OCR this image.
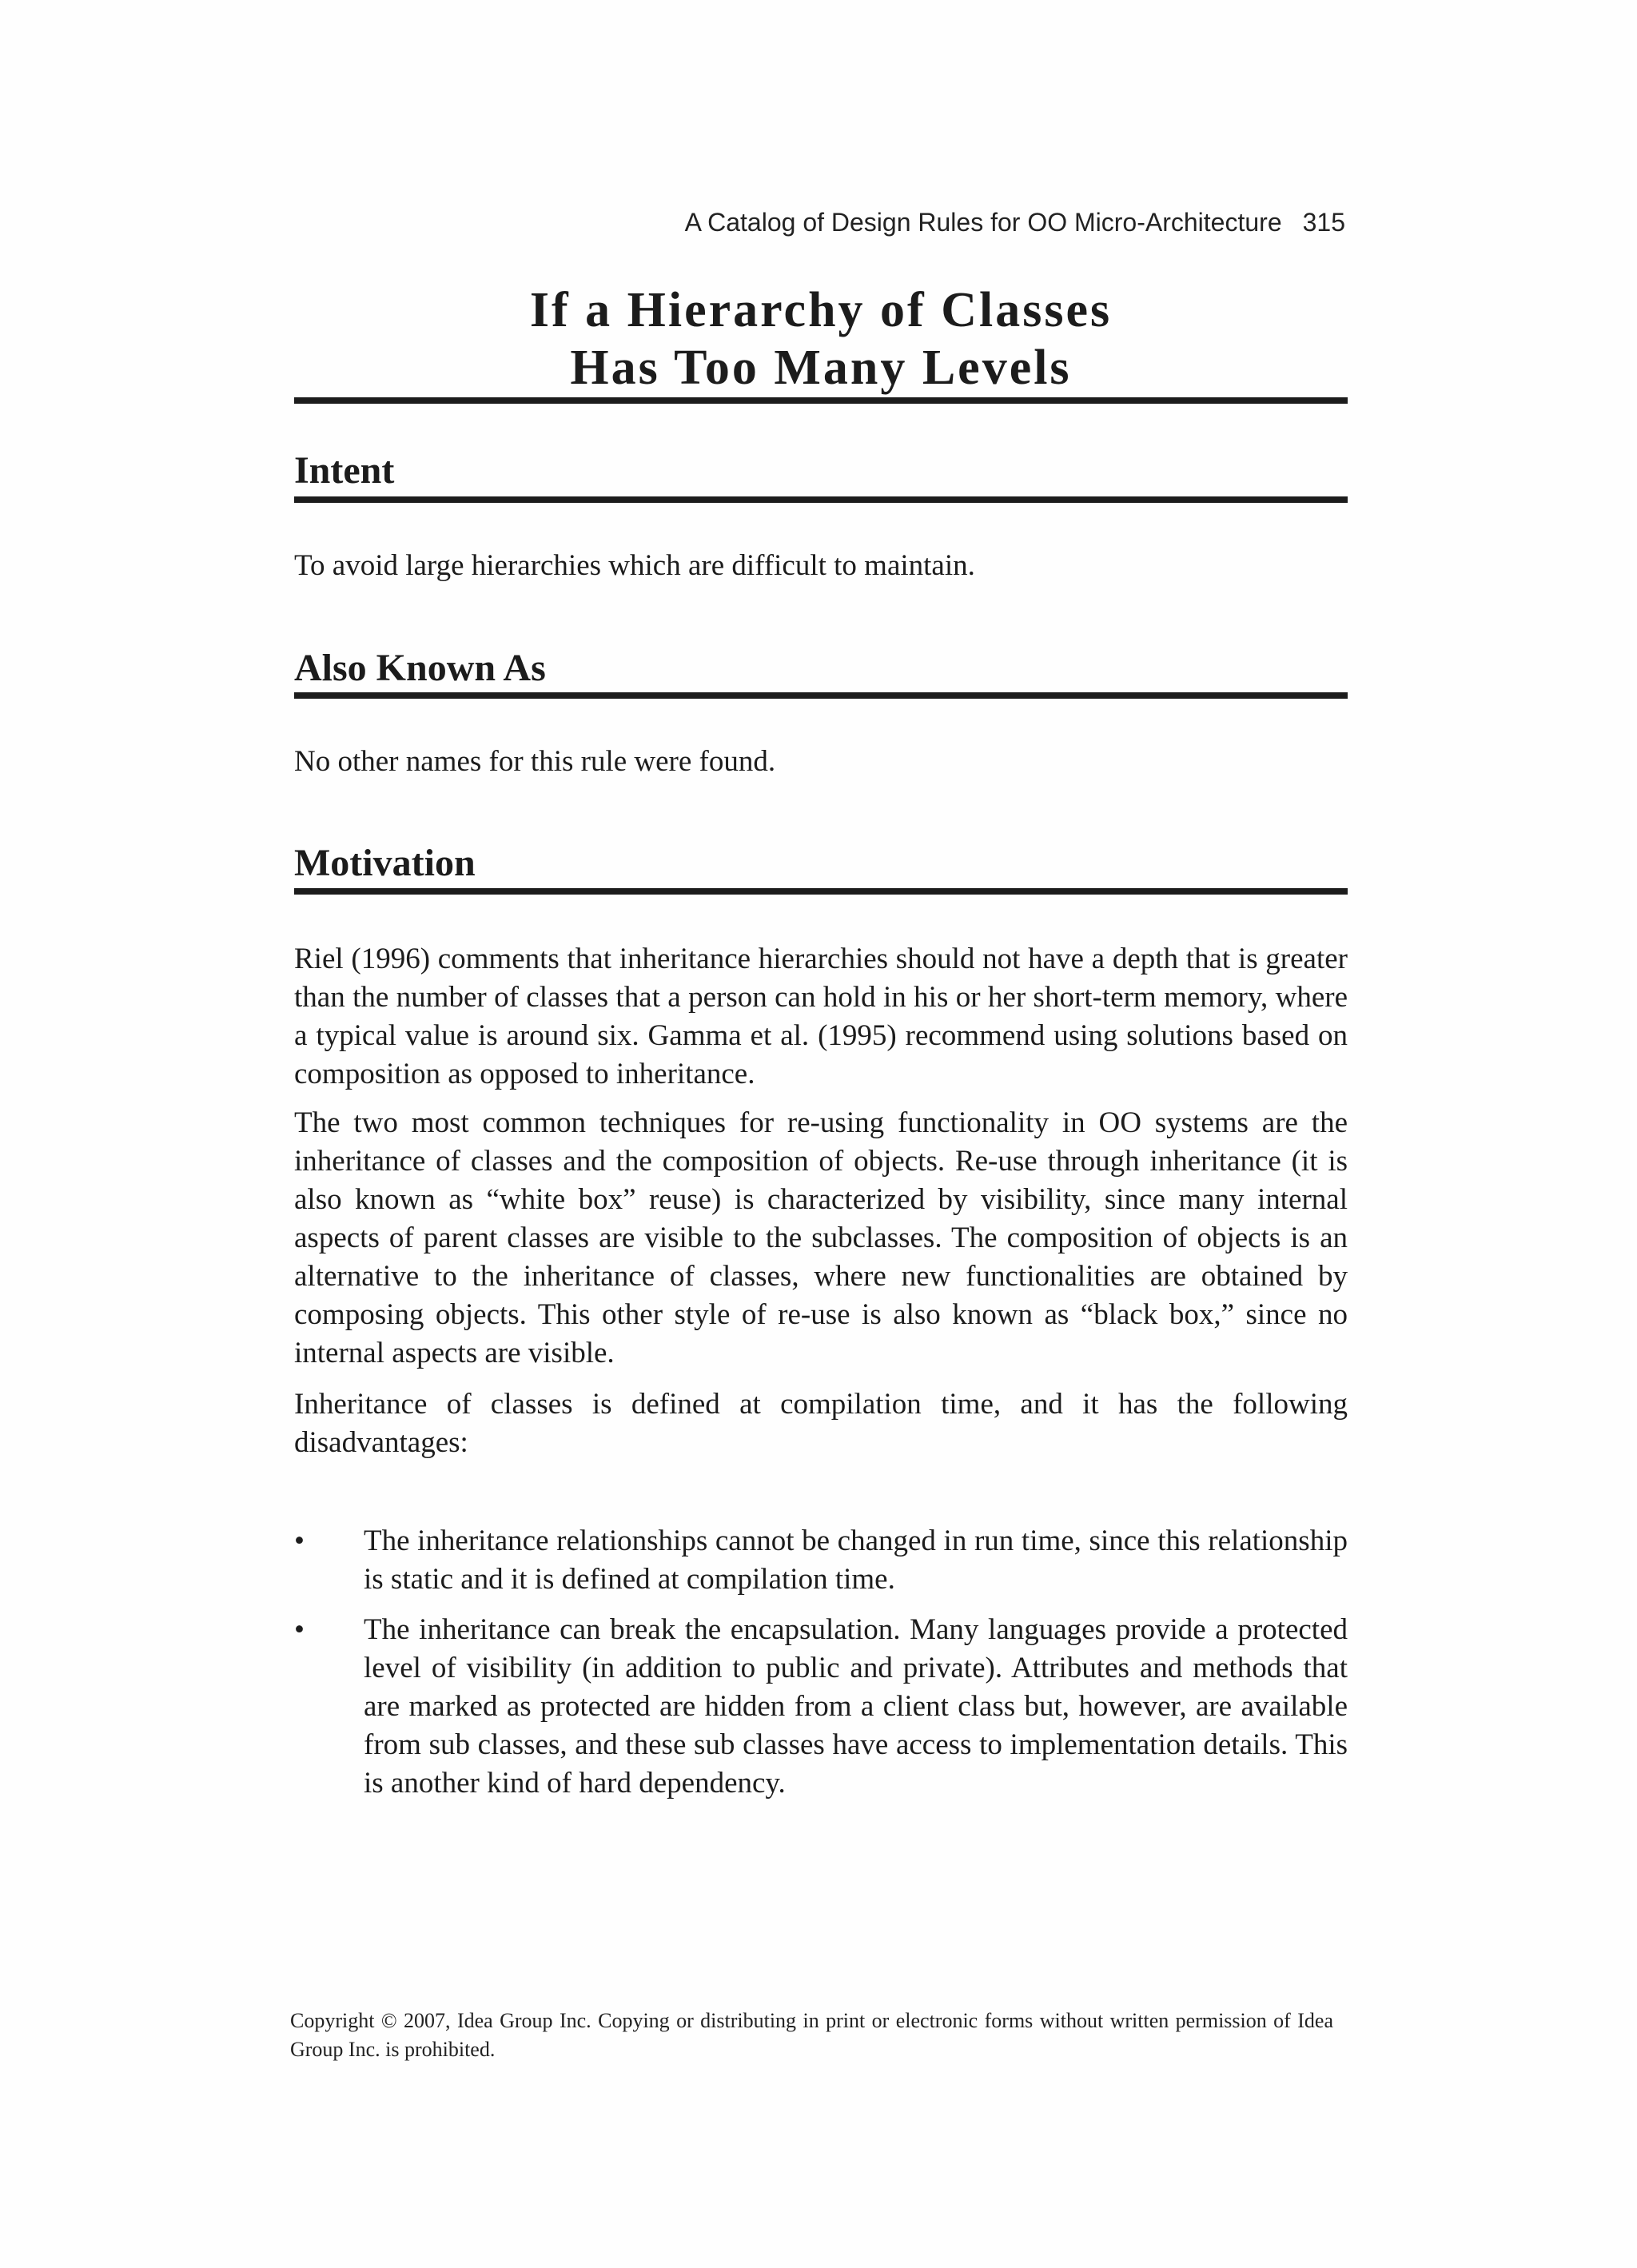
A Catalog of Design Rules for OO Micro-Architecture 315
If a Hierarchy of Classes
Has Too Many Levels
Intent
To avoid large hierarchies which are difficult to maintain.
Also Known As
No other names for this rule were found.
Motivation
Riel (1996) comments that inheritance hierarchies should not have a depth that is greater than the number of classes that a person can hold in his or her short-term memory, where a typical value is around six. Gamma et al. (1995) recommend using solutions based on composition as opposed to inheritance.
The two most common techniques for re-using functionality in OO systems are the inheritance of classes and the composition of objects. Re-use through inheritance (it is also known as “white box” reuse) is characterized by visibility, since many internal aspects of parent classes are visible to the subclasses. The composition of objects is an alternative to the inheritance of classes, where new functionalities are obtained by composing objects. This other style of re-use is also known as “black box,” since no internal aspects are visible.
Inheritance of classes is defined at compilation time, and it has the following disadvantages:
• The inheritance relationships cannot be changed in run time, since this relationship is static and it is defined at compilation time.
• The inheritance can break the encapsulation. Many languages provide a protected level of visibility (in addition to public and private). Attributes and methods that are marked as protected are hidden from a client class but, however, are available from sub classes, and these sub classes have access to implementation details. This is another kind of hard dependency.
Copyright © 2007, Idea Group Inc. Copying or distributing in print or electronic forms without written permission of Idea Group Inc. is prohibited.
